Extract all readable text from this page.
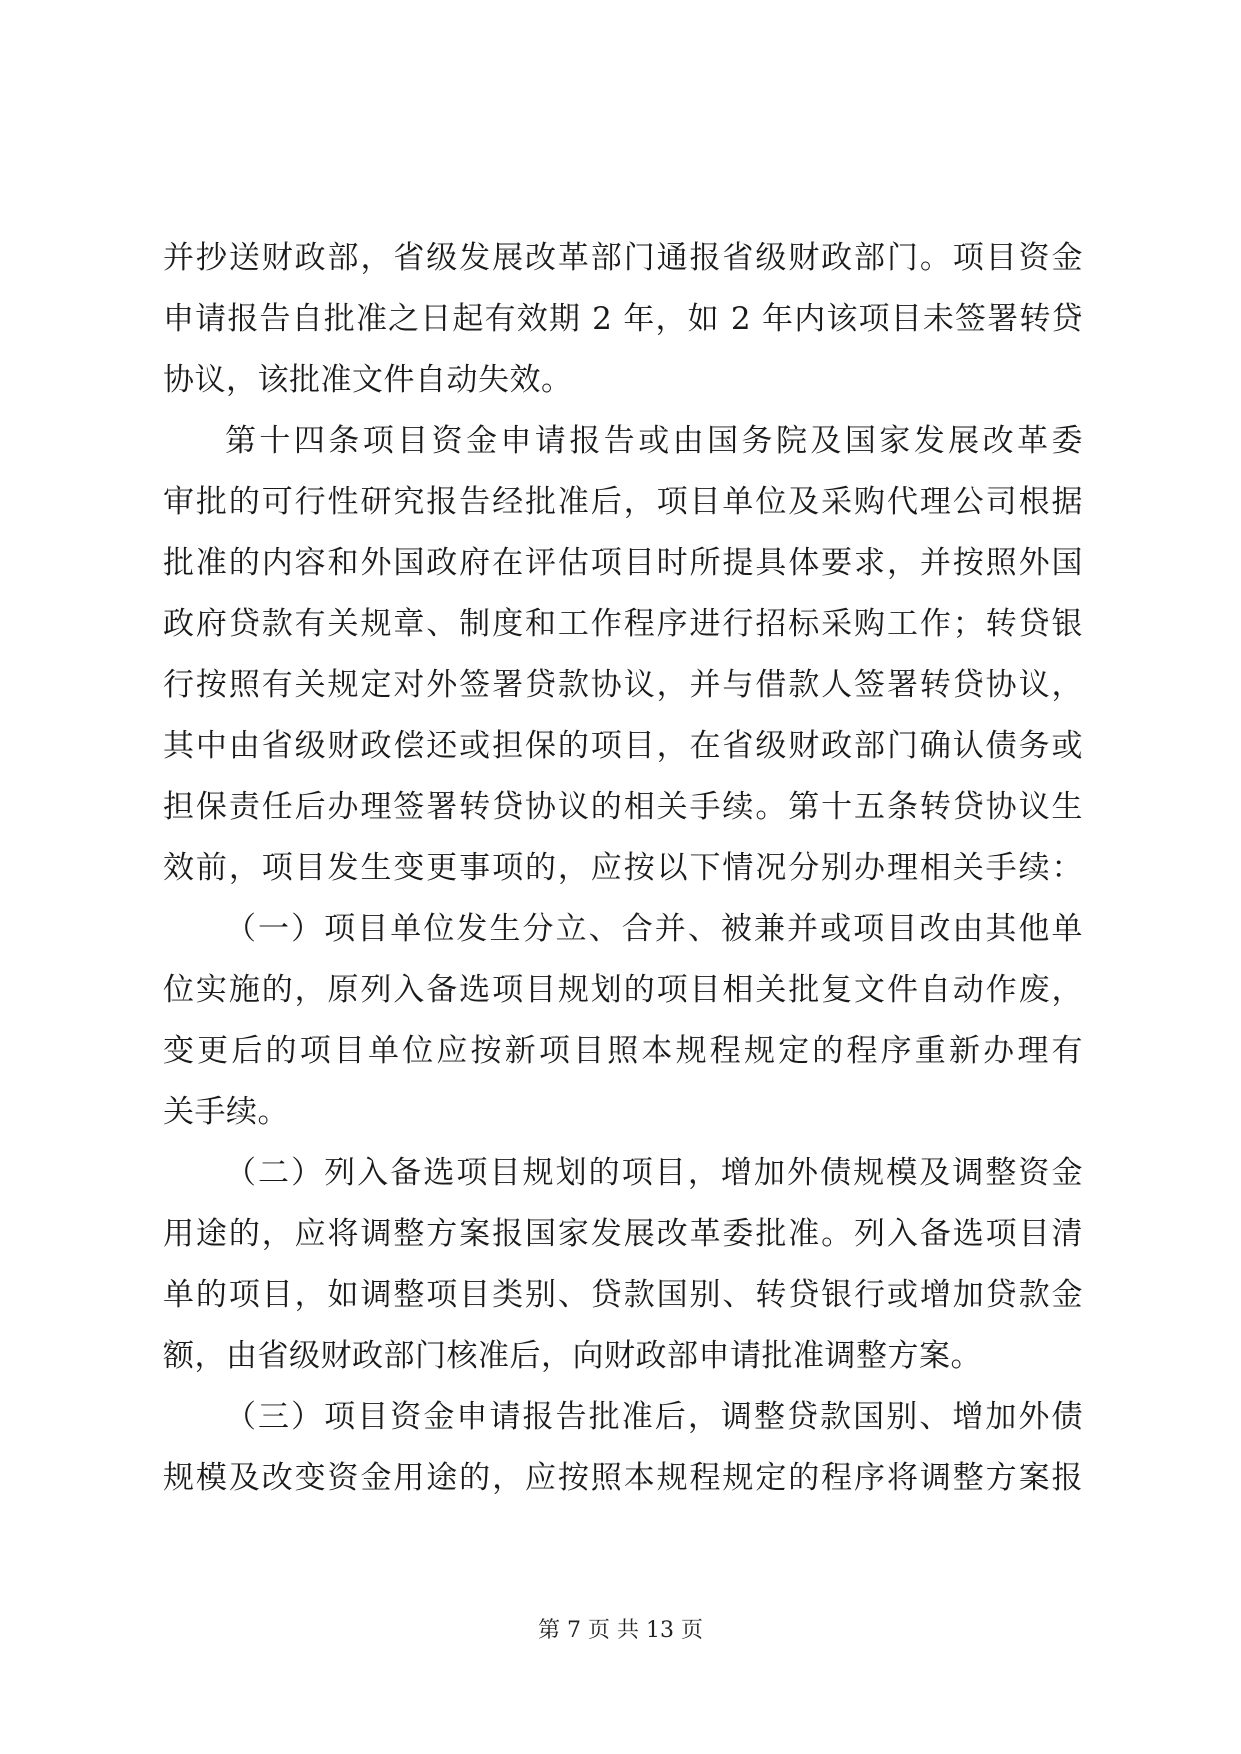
并抄送财政部，省级发展改革部门通报省级财政部门。项目资金
申请报告自批准之日起有效期 2 年，如 2 年内该项目未签署转贷
协议，该批准文件自动失效。
第十四条项目资金申请报告或由国务院及国家发展改革委
审批的可行性研究报告经批准后，项目单位及采购代理公司根据
批准的内容和外国政府在评估项目时所提具体要求，并按照外国
政府贷款有关规章、制度和工作程序进行招标采购工作；转贷银
行按照有关规定对外签署贷款协议，并与借款人签署转贷协议，
其中由省级财政偿还或担保的项目，在省级财政部门确认债务或
担保责任后办理签署转贷协议的相关手续。第十五条转贷协议生
效前，项目发生变更事项的，应按以下情况分别办理相关手续：
（一）项目单位发生分立、合并、被兼并或项目改由其他单
位实施的，原列入备选项目规划的项目相关批复文件自动作废，
变更后的项目单位应按新项目照本规程规定的程序重新办理有
关手续。
（二）列入备选项目规划的项目，增加外债规模及调整资金
用途的，应将调整方案报国家发展改革委批准。列入备选项目清
单的项目，如调整项目类别、贷款国别、转贷银行或增加贷款金
额，由省级财政部门核准后，向财政部申请批准调整方案。
（三）项目资金申请报告批准后，调整贷款国别、增加外债
规模及改变资金用途的，应按照本规程规定的程序将调整方案报
第 7 页 共 13 页
